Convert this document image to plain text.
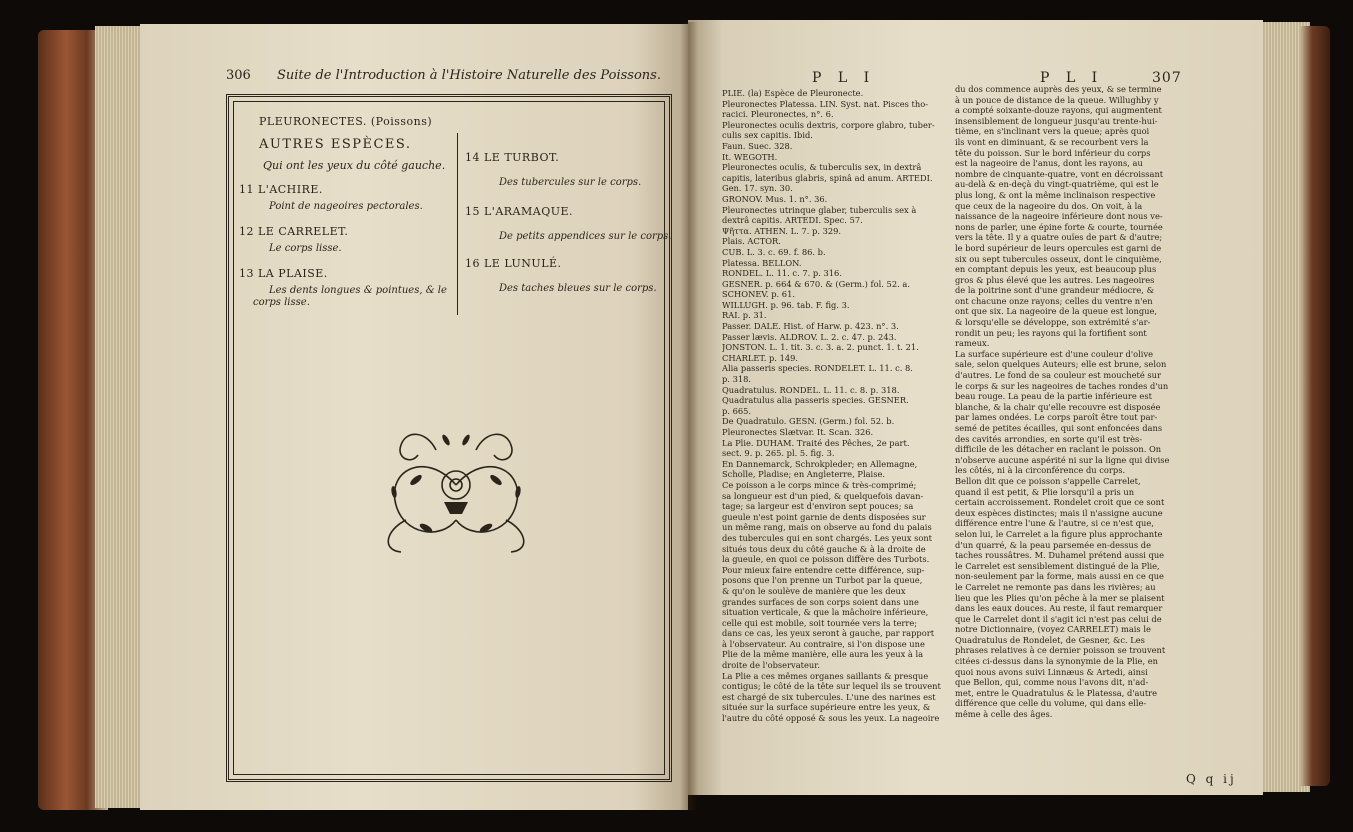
306 Suite de l'Introduction à l'Histoire Naturelle des Poissons.
PLEURONECTES. (Poissons)
AUTRES ESPÈCES.
Qui ont les yeux du côté gauche.
11 L'ACHIRE.
Point de nageoires pectorales.
12 LE CARRELET.
Le corps lisse.
13 LA PLAISE.
Les dents longues & pointues, & le
corps lisse.
14 LE TURBOT.
Des tubercules sur le corps.
15 L'ARAMAQUE.
De petits appendices sur le corps.
16 LE LUNULÉ.
Des taches bleues sur le corps.
P L I	P L I	307
PLIE. (la) Espèce de Pleuronecte.
Pleuronectes Platessa. LIN. Syst. nat. Pisces tho-
racici. Pleuronectes, n°. 6.
Pleuronectes oculis dextris, corpore glabro, tuber-
culis sex capitis. Ibid.
Faun. Suec. 328.
It. WEGOTH.
Pleuronectes oculis, & tuberculis sex, in dextrâ
capitis, lateribus glabris, spinâ ad anum. ARTEDI.
Gen. 17. syn. 30.
GRONOV. Mus. 1. n°. 36.
Pleuronectes utrinque glaber, tuberculis sex à
dextrâ capitis. ARTEDI. Spec. 57.
Ψῆττα. ATHEN. L. 7. p. 329.
Plais. ACTOR.
CUB. L. 3. c. 69. f. 86. b.
Platessa. BELLON.
RONDEL. L. 11. c. 7. p. 316.
GESNER. p. 664 & 670. & (Germ.) fol. 52. a.
SCHONEV. p. 61.
WILLUGH. p. 96. tab. F. fig. 3.
RAI. p. 31.
Passer. DALE. Hist. of Harw. p. 423. n°. 3.
Passer lævis. ALDROV. L. 2. c. 47. p. 243.
JONSTON. L. 1. tit. 3. c. 3. a. 2. punct. 1. t. 21.
CHARLET. p. 149.
Alia passeris species. RONDELET. L. 11. c. 8.
p. 318.
Quadratulus. RONDEL. L. 11. c. 8. p. 318.
Quadratulus alia passeris species. GESNER.
p. 665.
De Quadratulo. GESN. (Germ.) fol. 52. b.
Pleuronectes Slætvar. It. Scan. 326.
La Plie. DUHAM. Traité des Pêches, 2e part.
sect. 9. p. 265. pl. 5. fig. 3.
En Dannemarck, Schrokpleder; en Allemagne,
Scholle, Pladise; en Angleterre, Plaise.
Ce poisson a le corps mince & très-comprimé;
sa longueur est d'un pied, & quelquefois davan-
tage; sa largeur est d'environ sept pouces; sa
gueule n'est point garnie de dents disposées sur
un même rang, mais on observe au fond du palais
des tubercules qui en sont chargés. Les yeux sont
situés tous deux du côté gauche & à la droite de
la gueule, en quoi ce poisson diffère des Turbots.
Pour mieux faire entendre cette différence, sup-
posons que l'on prenne un Turbot par la queue,
& qu'on le soulève de manière que les deux
grandes surfaces de son corps soient dans une
situation verticale, & que la mâchoire inférieure,
celle qui est mobile, soit tournée vers la terre;
dans ce cas, les yeux seront à gauche, par rapport
à l'observateur. Au contraire, si l'on dispose une
Plie de la même manière, elle aura les yeux à la
droite de l'observateur.
La Plie a ces mêmes organes saillants & presque
contigus; le côté de la tête sur lequel ils se trouvent
est chargé de six tubercules. L'une des narines est
située sur la surface supérieure entre les yeux, &
l'autre du côté opposé & sous les yeux. La nageoire
du dos commence auprès des yeux, & se termine
à un pouce de distance de la queue. Willughby y
a compté soixante-douze rayons, qui augmentent
insensiblement de longueur jusqu'au trente-hui-
tième, en s'inclinant vers la queue; après quoi
ils vont en diminuant, & se recourbent vers la
tête du poisson. Sur le bord inférieur du corps
est la nageoire de l'anus, dont les rayons, au
nombre de cinquante-quatre, vont en décroissant
au-delà & en-deçà du vingt-quatrième, qui est le
plus long, & ont la même inclinaison respective
que ceux de la nageoire du dos. On voit, à la
naissance de la nageoire inférieure dont nous ve-
nons de parler, une épine forte & courte, tournée
vers la tête. Il y a quatre ouïes de part & d'autre;
le bord supérieur de leurs opercules est garni de
six ou sept tubercules osseux, dont le cinquième,
en comptant depuis les yeux, est beaucoup plus
gros & plus élevé que les autres. Les nageoires
de la poitrine sont d'une grandeur médiocre, &
ont chacune onze rayons; celles du ventre n'en
ont que six. La nageoire de la queue est longue,
& lorsqu'elle se développe, son extrémité s'ar-
rondit un peu; les rayons qui la fortifient sont
rameux.
La surface supérieure est d'une couleur d'olive
sale, selon quelques Auteurs; elle est brune, selon
d'autres. Le fond de sa couleur est moucheté sur
le corps & sur les nageoires de taches rondes d'un
beau rouge. La peau de la partie inférieure est
blanche, & la chair qu'elle recouvre est disposée
par lames ondées. Le corps paroît être tout par-
semé de petites écailles, qui sont enfoncées dans
des cavités arrondies, en sorte qu'il est très-
difficile de les détacher en raclant le poisson. On
n'observe aucune aspérité ni sur la ligne qui divise
les côtés, ni à la circonférence du corps.
Bellon dit que ce poisson s'appelle Carrelet,
quand il est petit, & Plie lorsqu'il a pris un
certain accroissement. Rondelet croit que ce sont
deux espèces distinctes; mais il n'assigne aucune
différence entre l'une & l'autre, si ce n'est que,
selon lui, le Carrelet a la figure plus approchante
d'un quarré, & la peau parsemée en-dessus de
taches roussâtres. M. Duhamel prétend aussi que
le Carrelet est sensiblement distingué de la Plie,
non-seulement par la forme, mais aussi en ce que
le Carrelet ne remonte pas dans les rivières; au
lieu que les Plies qu'on pêche à la mer se plaisent
dans les eaux douces. Au reste, il faut remarquer
que le Carrelet dont il s'agit ici n'est pas celui de
notre Dictionnaire, (voyez CARRELET) mais le
Quadratulus de Rondelet, de Gesner, &c. Les
phrases relatives à ce dernier poisson se trouvent
citées ci-dessus dans la synonymie de la Plie, en
quoi nous avons suivi Linnæus & Artedi, ainsi
que Bellon, qui, comme nous l'avons dit, n'ad-
met, entre le Quadratulus & le Platessa, d'autre
différence que celle du volume, qui dans elle-
même à celle des âges.
Q q ij
